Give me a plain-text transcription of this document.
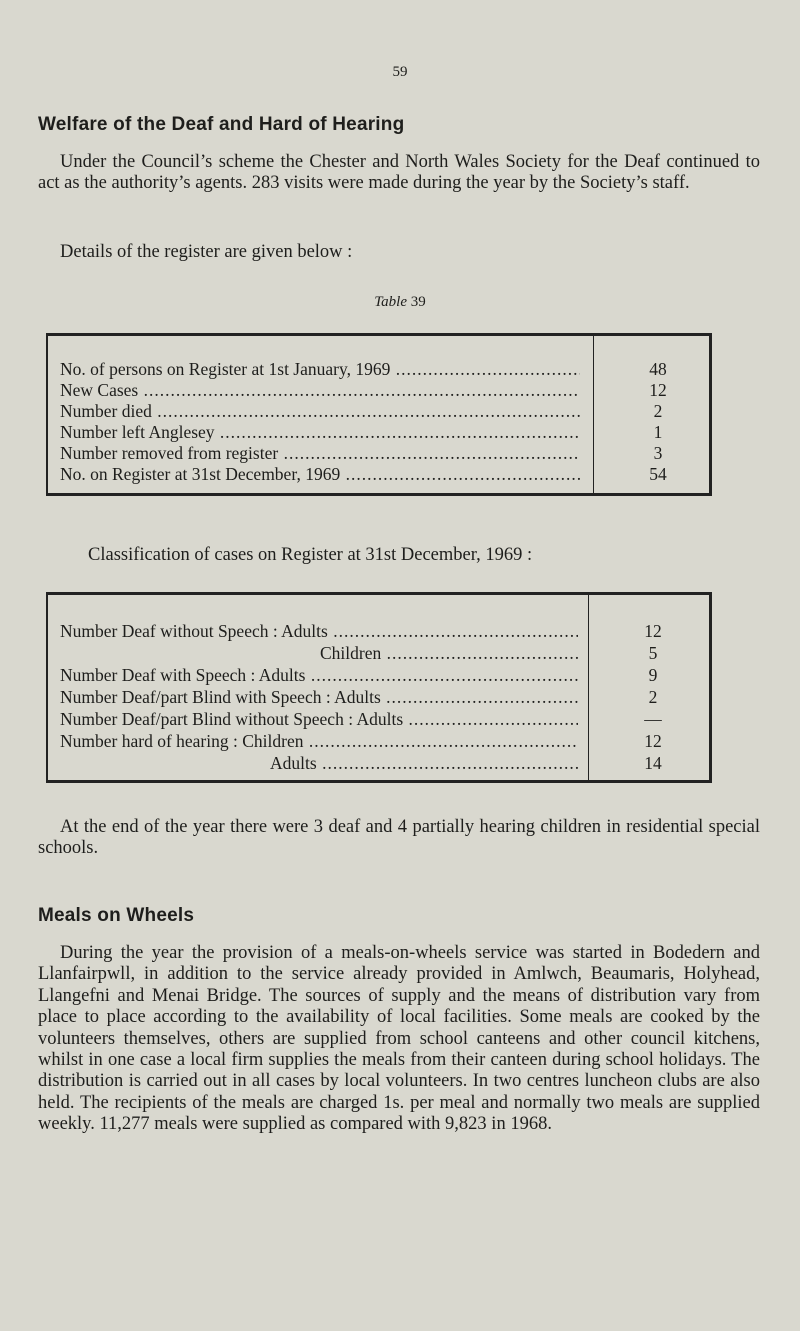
59
Welfare of the Deaf and Hard of Hearing

Under the Council’s scheme the Chester and North Wales Society for the Deaf continued to act as the authority’s agents. 283 visits were made during the year by the Society’s staff.

Details of the register are given below :
Table 39
No. of persons on Register at 1st January, 1969 .....	48
New Cases .....	12
Number died .....	2
Number left Anglesey .....	1
Number removed from register .....	3
No. on Register at 31st December, 1969 .....	54
Classification of cases on Register at 31st December, 1969 :
Number Deaf without Speech : Adults .....	12
Children .....	5
Number Deaf with Speech : Adults .....	9
Number Deaf/part Blind with Speech : Adults .....	2
Number Deaf/part Blind without Speech : Adults .....	—
Number hard of hearing : Children .....	12
Adults .....	14

At the end of the year there were 3 deaf and 4 partially hearing children in residential special schools.

Meals on Wheels

During the year the provision of a meals-on-wheels service was started in Bodedern and Llanfairpwll, in addition to the service already provided in Amlwch, Beaumaris, Holyhead, Llangefni and Menai Bridge. The sources of supply and the means of distribution vary from place to place according to the availability of local facilities. Some meals are cooked by the volunteers themselves, others are supplied from school canteens and other council kitchens, whilst in one case a local firm supplies the meals from their canteen during school holidays. The distribution is carried out in all cases by local volunteers. In two centres luncheon clubs are also held. The recipients of the meals are charged 1s. per meal and normally two meals are supplied weekly. 11,277 meals were supplied as compared with 9,823 in 1968.
